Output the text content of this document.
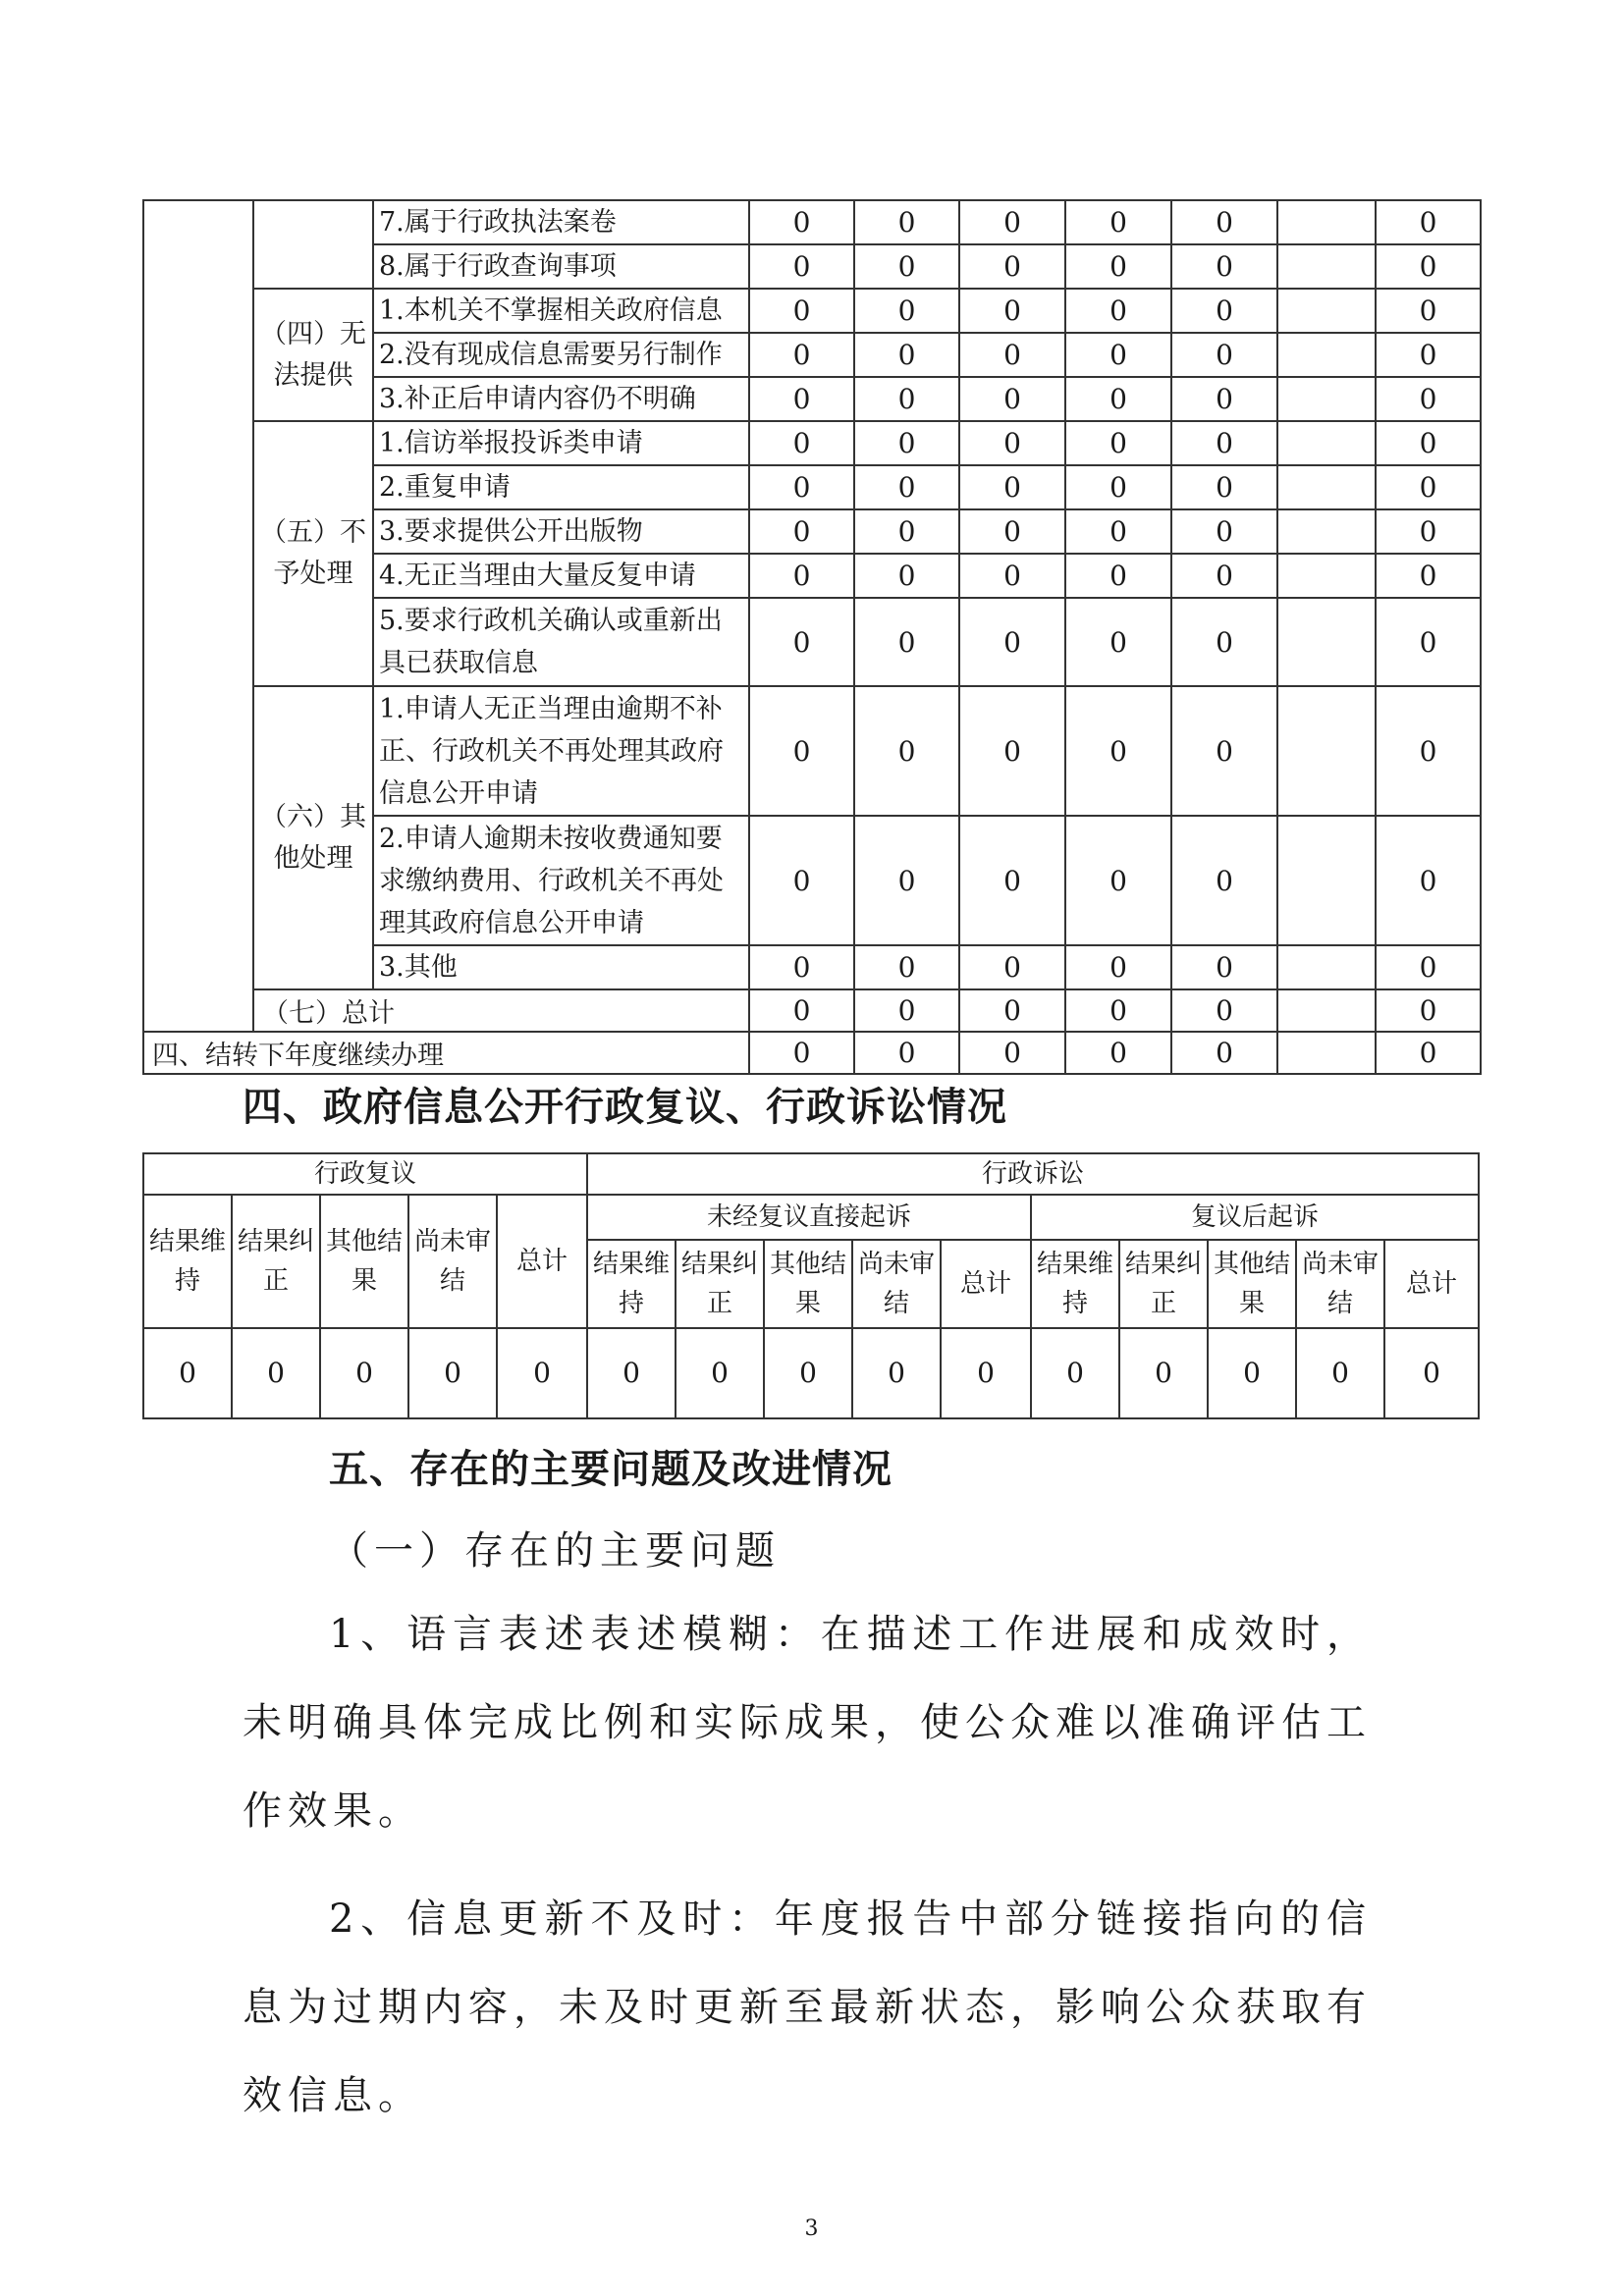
		7.属于行政执法案卷	0	0	0	0	0		0
		8.属于行政查询事项	0	0	0	0	0		0
	（四）无法提供	1.本机关不掌握相关政府信息	0	0	0	0	0		0
		2.没有现成信息需要另行制作	0	0	0	0	0		0
		3.补正后申请内容仍不明确	0	0	0	0	0		0
	（五）不予处理	1.信访举报投诉类申请	0	0	0	0	0		0
		2.重复申请	0	0	0	0	0		0
		3.要求提供公开出版物	0	0	0	0	0		0
		4.无正当理由大量反复申请	0	0	0	0	0		0
		5.要求行政机关确认或重新出具已获取信息	0	0	0	0	0		0
	（六）其他处理	1.申请人无正当理由逾期不补正、行政机关不再处理其政府信息公开申请	0	0	0	0	0		0
		2.申请人逾期未按收费通知要求缴纳费用、行政机关不再处理其政府信息公开申请	0	0	0	0	0		0
		3.其他	0	0	0	0	0		0
	（七）总计		0	0	0	0	0		0
四、结转下年度继续办理			0	0	0	0	0		0
四、政府信息公开行政复议、行政诉讼情况
行政复议					行政诉讼									
结果维持	结果纠正	其他结果	尚未审结	总计	未经复议直接起诉					复议后起诉				
					结果维持	结果纠正	其他结果	尚未审结	总计	结果维持	结果纠正	其他结果	尚未审结	总计
0	0	0	0	0	0	0	0	0	0	0	0	0	0	0
五、存在的主要问题及改进情况
（一）存在的主要问题

1、语言表述表述模糊：在描述工作进展和成效时，未明确具体完成比例和实际成果，使公众难以准确评估工作效果。

2、信息更新不及时：年度报告中部分链接指向的信息为过期内容，未及时更新至最新状态，影响公众获取有效信息。

3
